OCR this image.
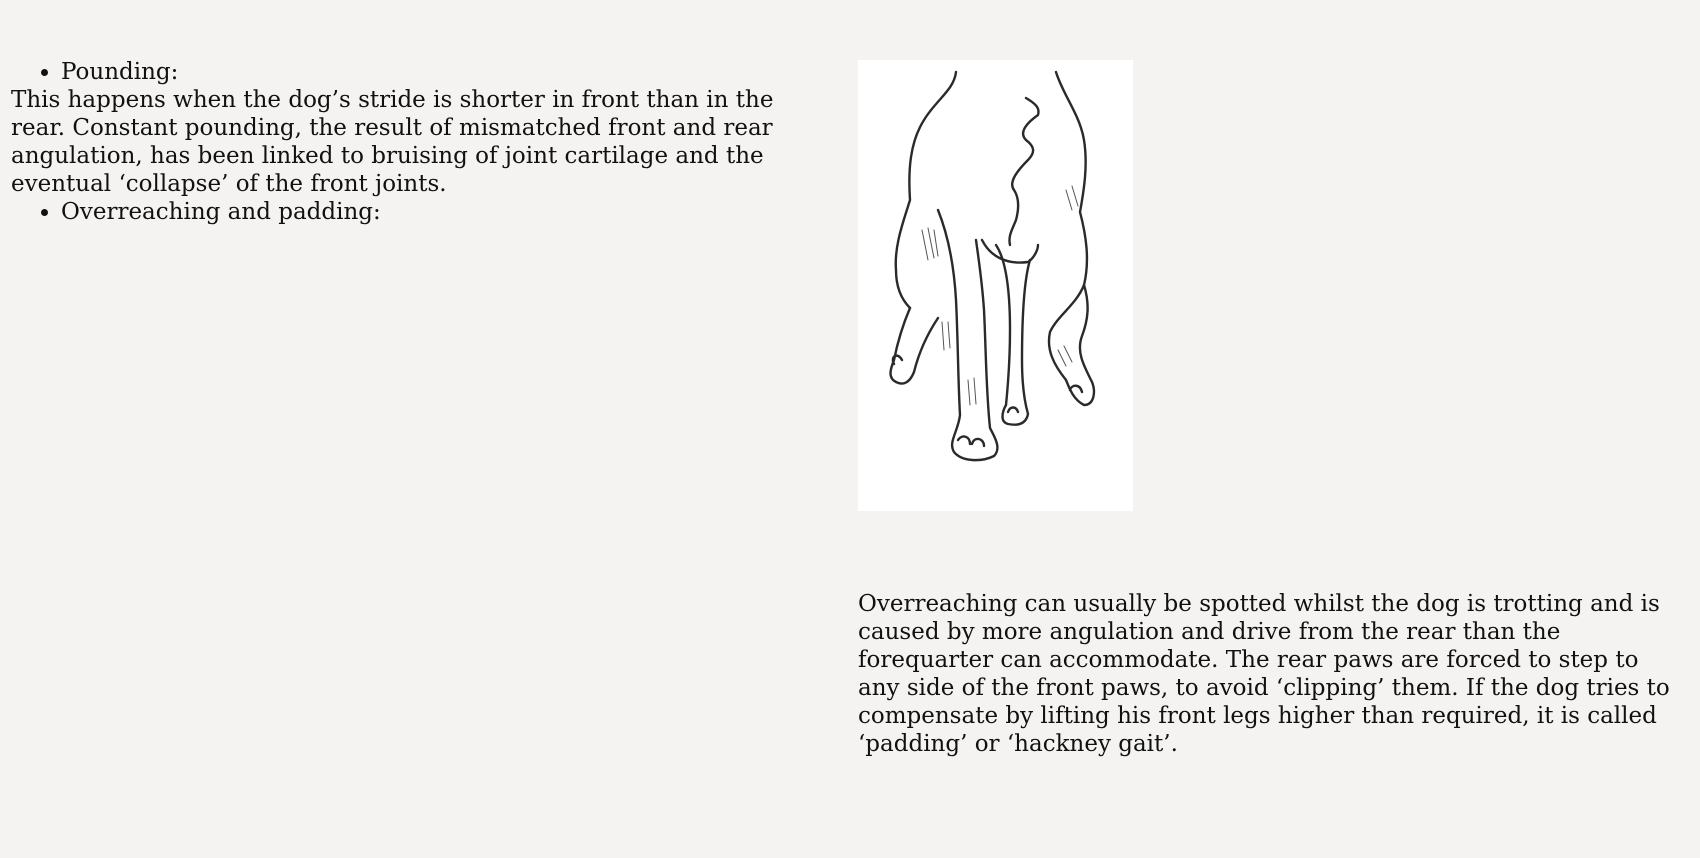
• Pounding:

This happens when the dog’s stride is shorter in front than in the rear. Constant pounding, the result of mismatched front and rear angulation, has been linked to bruising of joint cartilage and the eventual ‘collapse’ of the front joints.

• Overreaching and padding:

Overreaching can usually be spotted whilst the dog is trotting and is caused by more angulation and drive from the rear than the forequarter can accommodate. The rear paws are forced to step to any side of the front paws, to avoid ‘clipping’ them. If the dog tries to compensate by lifting his front legs higher than required, it is called ‘padding’ or ‘hackney gait’.
